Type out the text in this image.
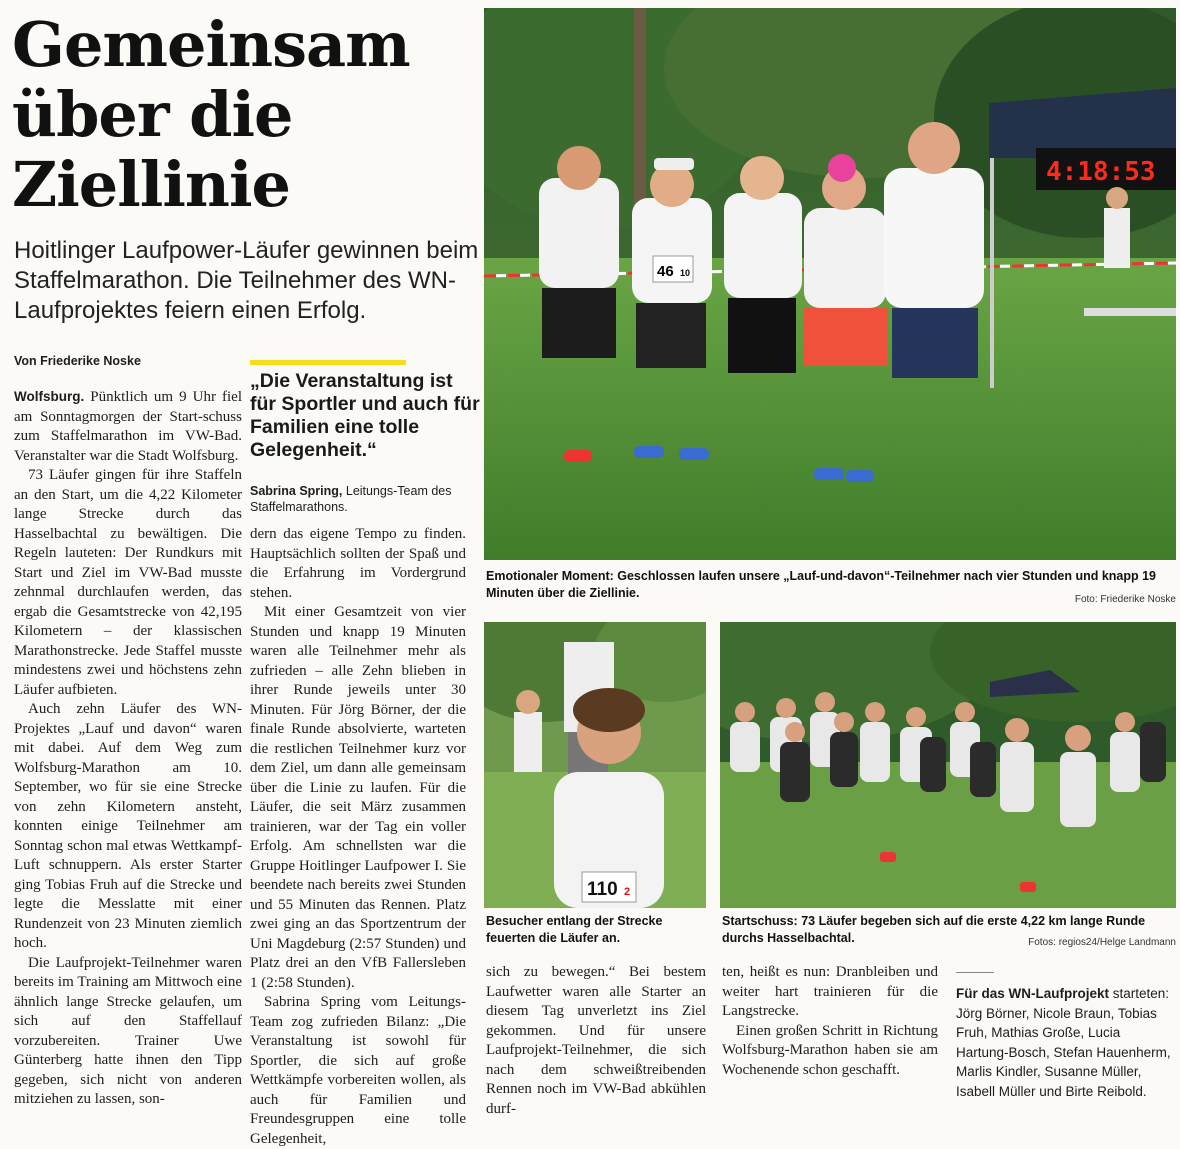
Gemeinsam
über die
Ziellinie
Hoitlinger Laufpower-Läufer gewinnen beim Staffelmarathon. Die Teilnehmer des WN-Laufprojektes feiern einen Erfolg.
Von Friederike Noske

Wolfsburg. Pünktlich um 9 Uhr fiel am Sonntagmorgen der Start-schuss zum Staffelmarathon im VW-Bad. Veranstalter war die Stadt Wolfsburg.

73 Läufer gingen für ihre Staffeln an den Start, um die 4,22 Kilometer lange Strecke durch das Hasselbachtal zu bewältigen. Die Regeln lauteten: Der Rundkurs mit Start und Ziel im VW-Bad musste zehnmal durchlaufen werden, das ergab die Gesamtstrecke von 42,195 Kilometern – der klassischen Marathonstrecke. Jede Staffel musste mindestens zwei und höchstens zehn Läufer aufbieten.

Auch zehn Läufer des WN-Projektes „Lauf und davon“ waren mit dabei. Auf dem Weg zum Wolfsburg-Marathon am 10. September, wo für sie eine Strecke von zehn Kilometern ansteht, konnten einige Teilnehmer am Sonntag schon mal etwas Wettkampf-Luft schnuppern. Als erster Starter ging Tobias Fruh auf die Strecke und legte die Messlatte mit einer Rundenzeit von 23 Minuten ziemlich hoch.

Die Laufprojekt-Teilnehmer waren bereits im Training am Mittwoch eine ähnlich lange Strecke gelaufen, um sich auf den Staffellauf vorzubereiten. Trainer Uwe Günterberg hatte ihnen den Tipp gegeben, sich nicht von anderen mitziehen zu lassen, son-

„Die Veranstaltung ist für Sportler und auch für Familien eine tolle Gelegenheit.“
Sabrina Spring, Leitungs-Team des Staffelmarathons.

dern das eigene Tempo zu finden. Hauptsächlich sollten der Spaß und die Erfahrung im Vordergrund stehen.

Mit einer Gesamtzeit von vier Stunden und knapp 19 Minuten waren alle Teilnehmer mehr als zufrieden – alle Zehn blieben in ihrer Runde jeweils unter 30 Minuten. Für Jörg Börner, der die finale Runde absolvierte, warteten die restlichen Teilnehmer kurz vor dem Ziel, um dann alle gemeinsam über die Linie zu laufen. Für die Läufer, die seit März zusammen trainieren, war der Tag ein voller Erfolg. Am schnellsten war die Gruppe Hoitlinger Laufpower I. Sie beendete nach bereits zwei Stunden und 55 Minuten das Rennen. Platz zwei ging an das Sportzentrum der Uni Magdeburg (2:57 Stunden) und Platz drei an den VfB Fallersleben 1 (2:58 Stunden).

Sabrina Spring vom Leitungs-Team zog zufrieden Bilanz: „Die Veranstaltung ist sowohl für Sportler, die sich auf große Wettkämpfe vorbereiten wollen, als auch für Familien und Freundesgruppen eine tolle Gelegenheit,

4:18:53
46 10
Emotionaler Moment: Geschlossen laufen unsere „Lauf-und-davon“-Teilnehmer nach vier Stunden und knapp 19 Minuten über die Ziellinie.	Foto: Friederike Noske
110 2
Besucher entlang der Strecke feuerten die Läufer an.
Startschuss: 73 Läufer begeben sich auf die erste 4,22 km lange Runde durchs Hasselbachtal.	Fotos: regios24/Helge Landmann

sich zu bewegen.“ Bei bestem Laufwetter waren alle Starter an diesem Tag unverletzt ins Ziel gekommen. Und für unsere Laufprojekt-Teilnehmer, die sich nach dem schweißtreibenden Rennen noch im VW-Bad abkühlen durf-

ten, heißt es nun: Dranbleiben und weiter hart trainieren für die Langstrecke.

Einen großen Schritt in Richtung Wolfsburg-Marathon haben sie am Wochenende schon geschafft.

Für das WN-Laufprojekt starteten: Jörg Börner, Nicole Braun, Tobias Fruh, Mathias Große, Lucia Hartung-Bosch, Stefan Hauenherm, Marlis Kindler, Susanne Müller, Isabell Müller und Birte Reibold.
